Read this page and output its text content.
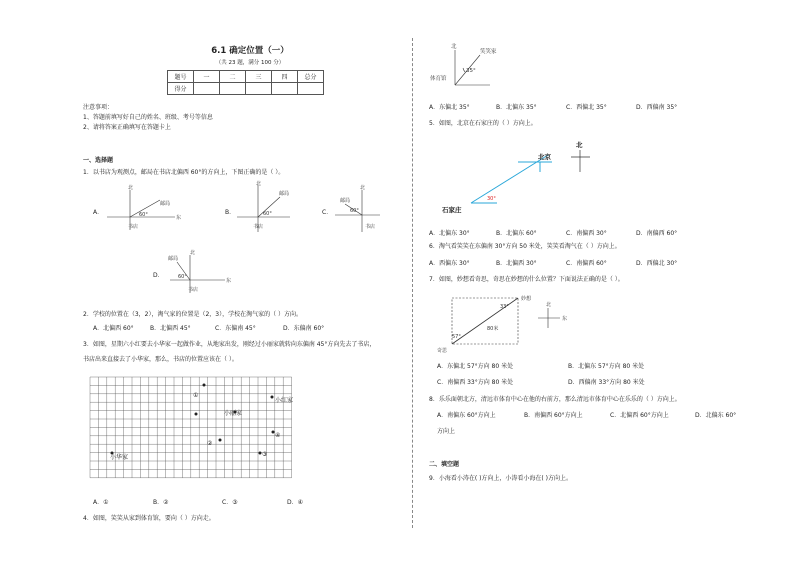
6.1 确定位置（一）
（共 23 题，满分 100 分）
题号	一	二	三	四	总分
得分					
注意事项：
1、答题前填写好自己的姓名、班级、考号等信息
2、请将答案正确填写在答题卡上
一、选择题
1．以书店为观测点，邮局在书店北偏西 60°的方向上，下图正确的是（ ）。
A．	B．	C．
D．
北
邮局
东
书店
60°
北
邮局
书店
60°
北
邮局
书店
60°
北
邮局
东
书店
60°
2．学校的位置在（3，2），淘气家的位置是（2，3），学校在淘气家的（ ）方向。
A．北偏西 60°	B．北偏西 45°	C．东偏南 45°	D．东偏南 60°
3．如图，星期六小红要去小华家一起做作业，从地家出发，刚经过小丽家就转向东偏南 45°方向先去了书店，
书店出来直接去了小华家，那么，书店的位置应该在（ ）。
①
小红家
小丽家
②
④
③
小华家
A．①	B．②	C．③	D．④
4．如图，笑笑从家到体育馆，要向（ ）方向走。
北
笑笑家
体育馆
35°
北京
石家庄
北
30°
妙想
奇思
80米
33°
57°
北
东
A．东偏北 35°	B．北偏东 35°	C．西偏北 35°	D．西偏南 35°
5．如图，北京在石家庄的（ ）方向上。
A．北偏东 30°	B．北偏东 60°	C．南偏西 30°	D．南偏西 60°
6．淘气看笑笑在东偏南 30°方向 50 米处，笑笑看淘气在（ ）方向上。
A．西偏东 30°	B．北偏西 30°	C．南偏西 60°	D．西偏北 30°
7．如图，妙想看奇思，奇思在妙想的什么位置？下面说法正确的是（ ）。
A．东偏北 57°方向 80 米处	B．北偏东 57°方向 80 米处
C．南偏西 33°方向 80 米处	D．西偏南 33°方向 80 米处
8．乐乐面朝北方，清远市体育中心在他的右前方，那么清远市体育中心在乐乐的（ ）方向上。
A．南偏东 60°方向上	B．南偏西 60°方向上	C．北偏西 60°方向上	D．北偏东 60°
方向上
二、填空题
9．小海看小涛在( )方向上，小涛看小海在( )方向上。
